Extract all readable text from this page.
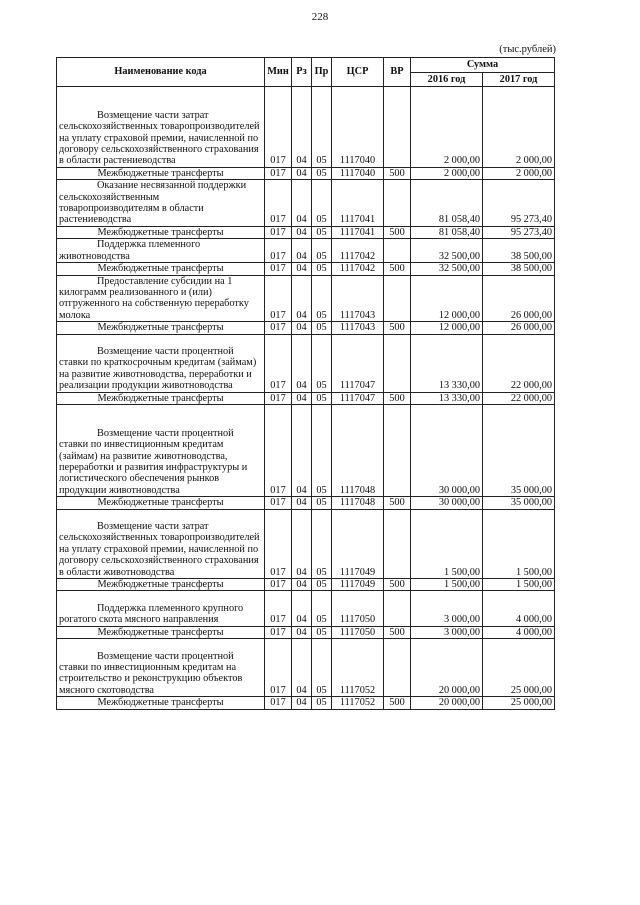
228
(тыс.рублей)
Наименование кода	Мин	Рз	Пр	ЦСР	ВР	Сумма	
						2016 год	2017 год

Возмещение части затрат сельскохозяйственных товаропроизводителей на уплату страховой премии, начисленной по договору сельскохозяйственного страхования в области растениеводства	017	04	05	1117040		2 000,00	2 000,00
Межбюджетные трансферты	017	04	05	1117040	500	2 000,00	2 000,00
Оказание несвязанной поддержки сельскохозяйственным товаропроизводителям в области растениеводства	017	04	05	1117041		81 058,40	95 273,40
Межбюджетные трансферты	017	04	05	1117041	500	81 058,40	95 273,40
Поддержка племенного животноводства	017	04	05	1117042		32 500,00	38 500,00
Межбюджетные трансферты	017	04	05	1117042	500	32 500,00	38 500,00
Предоставление субсидии на 1 килограмм реализованного и (или) отгруженного на собственную переработку молока	017	04	05	1117043		12 000,00	26 000,00
Межбюджетные трансферты	017	04	05	1117043	500	12 000,00	26 000,00

Возмещение части процентной ставки по краткосрочным кредитам (займам) на развитие животноводства, переработки и реализации продукции животноводства	017	04	05	1117047		13 330,00	22 000,00
Межбюджетные трансферты	017	04	05	1117047	500	13 330,00	22 000,00

Возмещение части процентной ставки по инвестиционным кредитам (займам) на развитие животноводства, переработки и развития инфраструктуры и логистического обеспечения рынков продукции животноводства	017	04	05	1117048		30 000,00	35 000,00
Межбюджетные трансферты	017	04	05	1117048	500	30 000,00	35 000,00

Возмещение части затрат сельскохозяйственных товаропроизводителей на уплату страховой премии, начисленной по договору сельскохозяйственного страхования в области животноводства	017	04	05	1117049		1 500,00	1 500,00
Межбюджетные трансферты	017	04	05	1117049	500	1 500,00	1 500,00

Поддержка племенного крупного рогатого скота мясного направления	017	04	05	1117050		3 000,00	4 000,00
Межбюджетные трансферты	017	04	05	1117050	500	3 000,00	4 000,00

Возмещение части процентной ставки по инвестиционным кредитам на строительство и реконструкцию объектов мясного скотоводства	017	04	05	1117052		20 000,00	25 000,00
Межбюджетные трансферты	017	04	05	1117052	500	20 000,00	25 000,00
